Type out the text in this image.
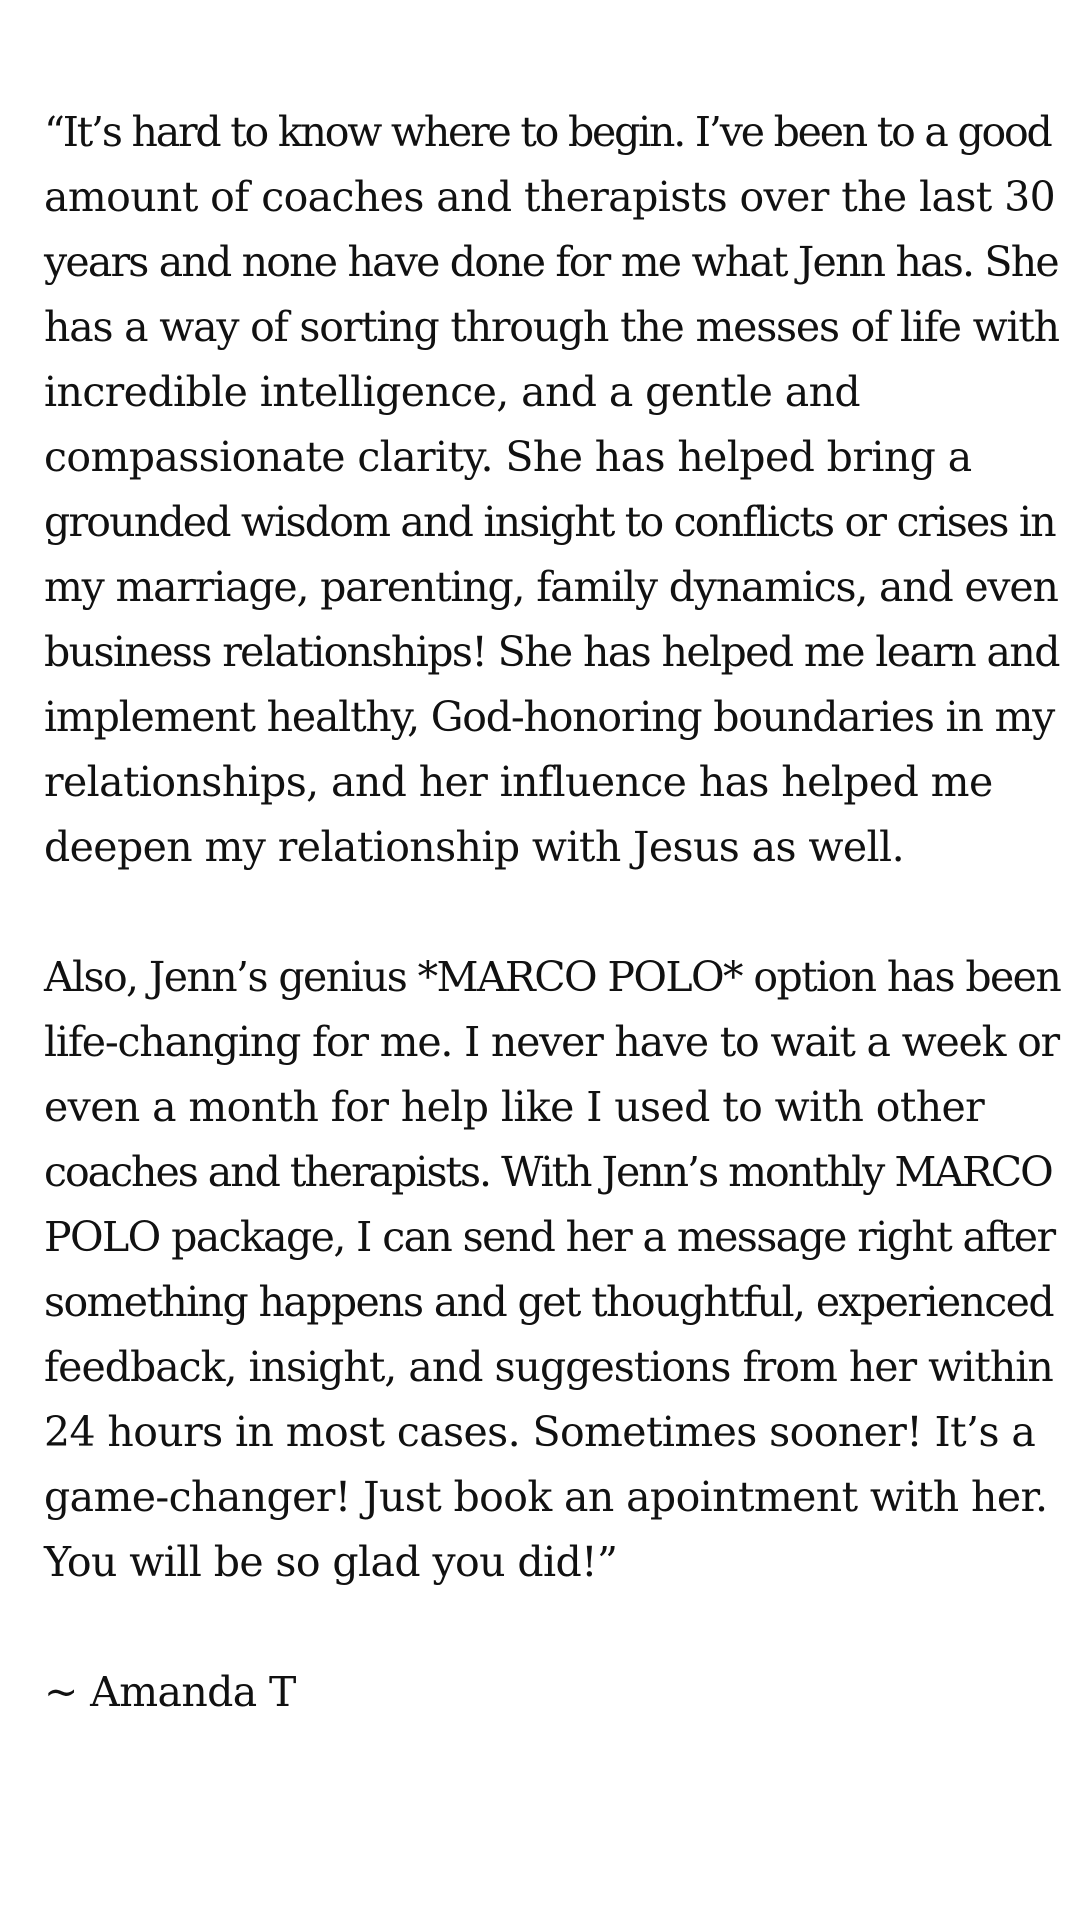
“It’s hard to know where to begin. I’ve been to a good
amount of coaches and therapists over the last 30
years and none have done for me what Jenn has. She
has a way of sorting through the messes of life with
incredible intelligence, and a gentle and
compassionate clarity. She has helped bring a
grounded wisdom and insight to conflicts or crises in
my marriage, parenting, family dynamics, and even
business relationships! She has helped me learn and
implement healthy, God-honoring boundaries in my
relationships, and her influence has helped me
deepen my relationship with Jesus as well.
Also, Jenn’s genius *MARCO POLO* option has been
life-changing for me. I never have to wait a week or
even a month for help like I used to with other
coaches and therapists. With Jenn’s monthly MARCO
POLO package, I can send her a message right after
something happens and get thoughtful, experienced
feedback, insight, and suggestions from her within
24 hours in most cases. Sometimes sooner! It’s a
game-changer! Just book an apointment with her.
You will be so glad you did!”
~ Amanda T
